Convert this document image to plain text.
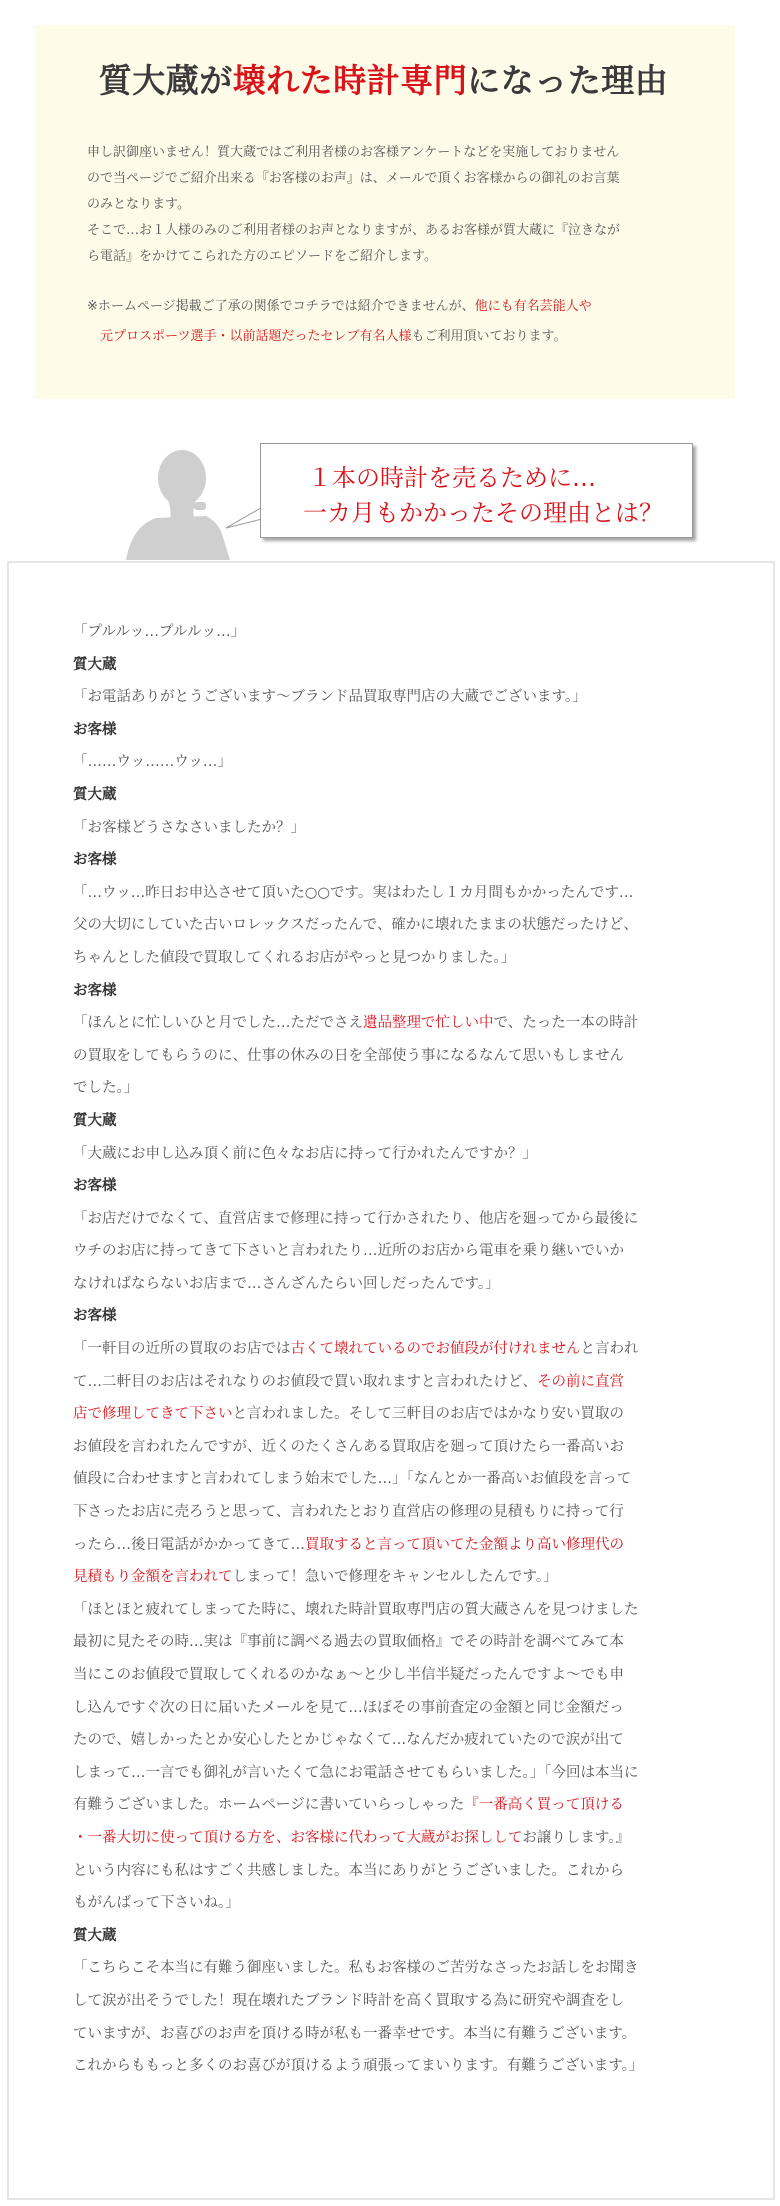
質大蔵が壊れた時計専門になった理由

申し訳御座いません！質大蔵ではご利用者様のお客様アンケートなどを実施しておりません
ので当ページでご紹介出来る『お客様のお声』は、メールで頂くお客様からの御礼のお言葉
のみとなります。
そこで…お１人様のみのご利用者様のお声となりますが、あるお客様が質大蔵に『泣きなが
ら電話』をかけてこられた方のエピソードをご紹介します。

※ホームページ掲載ご了承の関係でコチラでは紹介できませんが、他にも有名芸能人や
元プロスポーツ選手・以前話題だったセレブ有名人様もご利用頂いております。

１本の時計を売るために…
一カ月もかかったその理由とは？
「プルルッ…プルルッ…」
質大蔵
「お電話ありがとうございます〜ブランド品買取専門店の大蔵でございます。」
お客様
「……ウッ……ウッ…」
質大蔵
「お客様どうさなさいましたか？」
お客様
「…ウッ…昨日お申込させて頂いた○○です。実はわたし１カ月間もかかったんです…
父の大切にしていた古いロレックスだったんで、確かに壊れたままの状態だったけど、
ちゃんとした値段で買取してくれるお店がやっと見つかりました。」
お客様
「ほんとに忙しいひと月でした…ただでさえ遺品整理で忙しい中で、たった一本の時計
の買取をしてもらうのに、仕事の休みの日を全部使う事になるなんて思いもしません
でした。」
質大蔵
「大蔵にお申し込み頂く前に色々なお店に持って行かれたんですか？」
お客様
「お店だけでなくて、直営店まで修理に持って行かされたり、他店を廻ってから最後に
ウチのお店に持ってきて下さいと言われたり…近所のお店から電車を乗り継いでいか
なければならないお店まで…さんざんたらい回しだったんです。」
お客様
「一軒目の近所の買取のお店では古くて壊れているのでお値段が付けれませんと言われ
て…二軒目のお店はそれなりのお値段で買い取れますと言われたけど、その前に直営
店で修理してきて下さいと言われました。そして三軒目のお店ではかなり安い買取の
お値段を言われたんですが、近くのたくさんある買取店を廻って頂けたら一番高いお
値段に合わせますと言われてしまう始末でした…」「なんとか一番高いお値段を言って
下さったお店に売ろうと思って、言われたとおり直営店の修理の見積もりに持って行
ったら…後日電話がかかってきて…買取すると言って頂いてた金額より高い修理代の
見積もり金額を言われてしまって！急いで修理をキャンセルしたんです。」
「ほとほと疲れてしまってた時に、壊れた時計買取専門店の質大蔵さんを見つけました
最初に見たその時…実は『事前に調べる過去の買取価格』でその時計を調べてみて本
当にこのお値段で買取してくれるのかなぁ〜と少し半信半疑だったんですよ〜でも申
し込んですぐ次の日に届いたメールを見て…ほぼその事前査定の金額と同じ金額だっ
たので、嬉しかったとか安心したとかじゃなくて…なんだか疲れていたので涙が出て
しまって…一言でも御礼が言いたくて急にお電話させてもらいました。」「今回は本当に
有難うございました。ホームページに書いていらっしゃった『一番高く買って頂ける
・一番大切に使って頂ける方を、お客様に代わって大蔵がお探ししてお譲りします。』
という内容にも私はすごく共感しました。本当にありがとうございました。これから
もがんばって下さいね。」
質大蔵
「こちらこそ本当に有難う御座いました。私もお客様のご苦労なさったお話しをお聞き
して涙が出そうでした！現在壊れたブランド時計を高く買取する為に研究や調査をし
ていますが、お喜びのお声を頂ける時が私も一番幸せです。本当に有難うございます。
これからももっと多くのお喜びが頂けるよう頑張ってまいります。有難うございます。」
